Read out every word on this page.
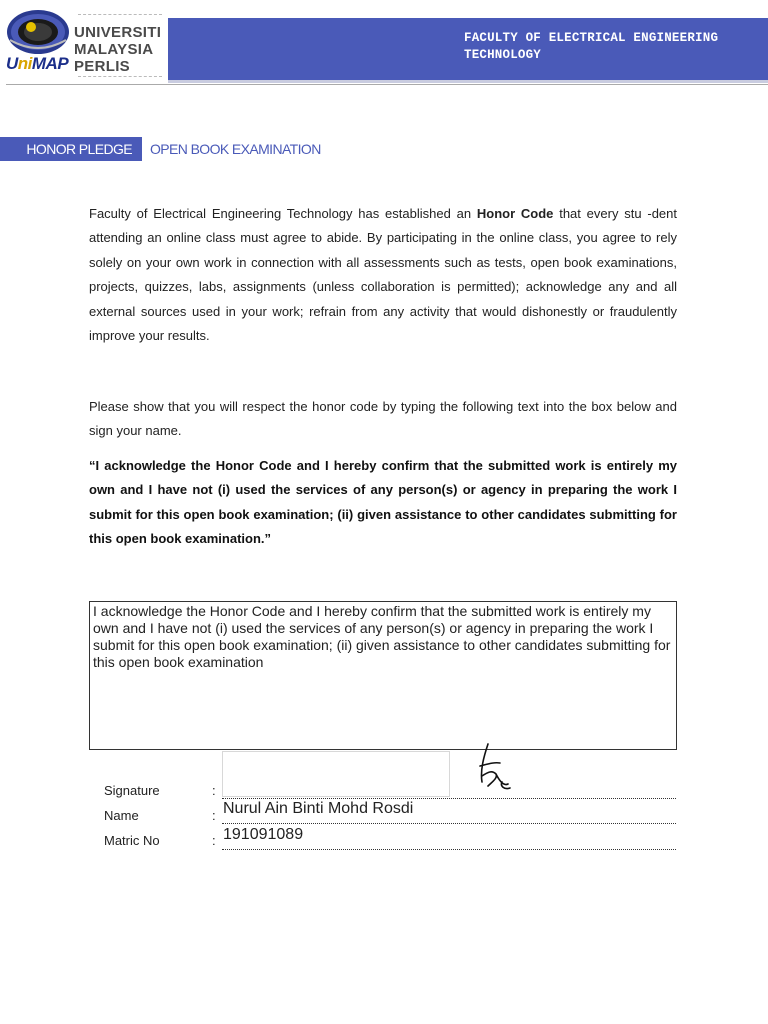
UNIVERSITI
MALAYSIA
PERLIS
UniMAP
FACULTY OF ELECTRICAL ENGINEERING
TECHNOLOGY
HONOR PLEDGE	OPEN BOOK EXAMINATION
Faculty of Electrical Engineering Technology has established an Honor Code that every stu -dent attending an online class must agree to abide. By participating in the online class, you agree to rely solely on your own work in connection with all assessments such as tests, open book examinations, projects, quizzes, labs, assignments (unless collaboration is permitted); acknowledge any and all external sources used in your work; refrain from any activity that would dishonestly or fraudulently improve your results.
Please show that you will respect the honor code by typing the following text into the box below and sign your name.
“I acknowledge the Honor Code and I hereby confirm that the submitted work is entirely my own and I have not (i) used the services of any person(s) or agency in preparing the work I submit for this open book examination; (ii) given assistance to other candidates submitting for this open book examination.”
I acknowledge the Honor Code and I hereby confirm that the submitted work is entirely my own and I have not (i) used the services of any person(s) or agency in preparing the work I submit for this open book examination; (ii) given assistance to other candidates submitting for this open book examination
Signature
Name
Matric No
:
:
:
Nurul Ain Binti Mohd Rosdi
191091089
